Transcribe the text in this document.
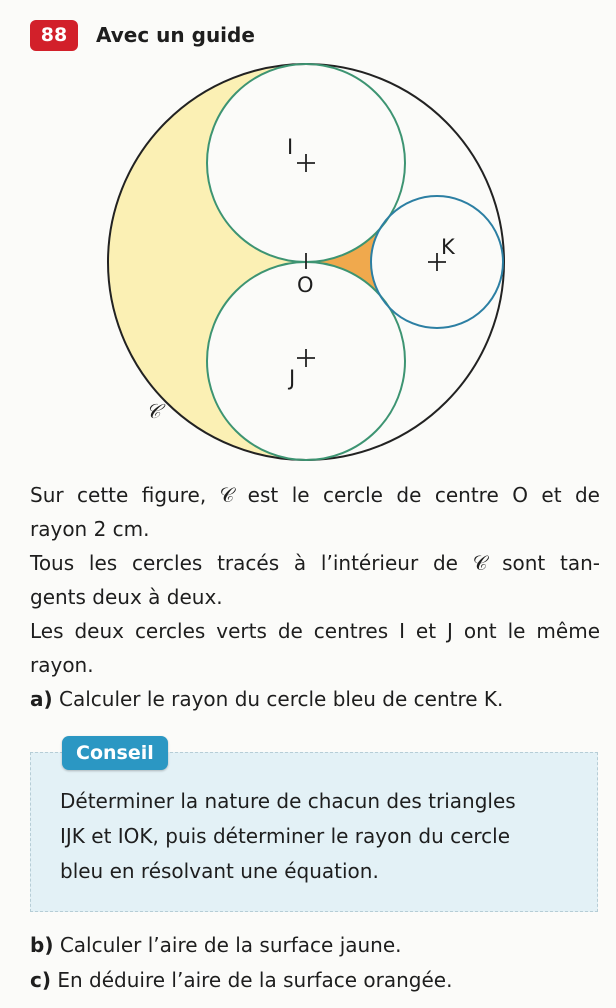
88	Avec un guide
I
J
K
O
𝒞

Sur cette figure, 𝒞 est le cercle de centre O et de

rayon 2 cm.

Tous les cercles tracés à l’intérieur de 𝒞 sont tan-

gents deux à deux.

Les deux cercles verts de centres I et J ont le même

rayon.

a) Calculer le rayon du cercle bleu de centre K.

Conseil

Déterminer la nature de chacun des triangles

IJK et IOK, puis déterminer le rayon du cercle

bleu en résolvant une équation.

b) Calculer l’aire de la surface jaune.

c) En déduire l’aire de la surface orangée.
